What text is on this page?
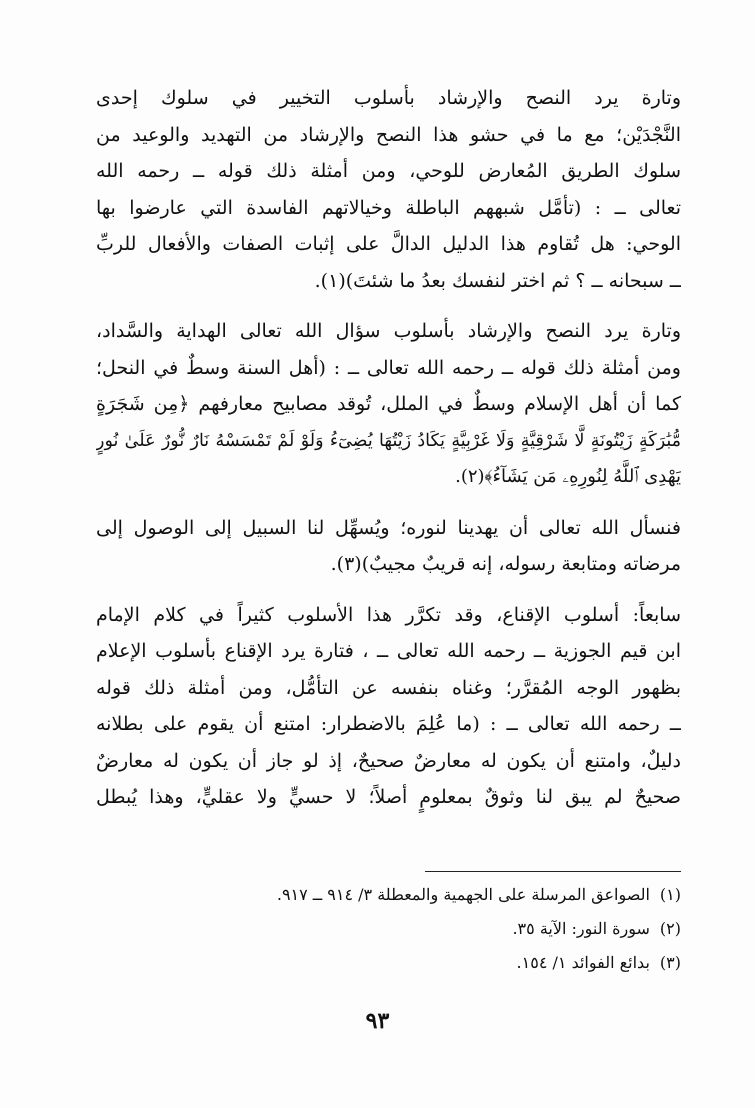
وتارة يرد النصح والإرشاد بأسلوب التخيير في سلوك إحدى
النَّجْدَيْن؛ مع ما في حشو هذا النصح والإرشاد من التهديد والوعيد من
سلوك الطريق المُعارض للوحي، ومن أمثلة ذلك قوله ــ رحمه الله
تعالى ــ : (تأمَّل شبههم الباطلة وخيالاتهم الفاسدة التي عارضوا بها
الوحي: هل تُقاوم هذا الدليل الدالَّ على إثبات الصفات والأفعال للربِّ
ــ سبحانه ــ ؟ ثم اختر لنفسك بعدُ ما شئتَ)(١).
وتارة يرد النصح والإرشاد بأسلوب سؤال الله تعالى الهداية والسَّداد،
ومن أمثلة ذلك قوله ــ رحمه الله تعالى ــ : (أهل السنة وسطٌ في النحل؛
كما أن أهل الإسلام وسطٌ في الملل، تُوقد مصابيح معارفهم ﴿مِن شَجَرَةٍ
مُّبَٰرَكَةٍ زَيْتُونَةٍ لَّا شَرْقِيَّةٍ وَلَا غَرْبِيَّةٍ يَكَادُ زَيْتُهَا يُضِىٓءُ وَلَوْ لَمْ تَمْسَسْهُ نَارٌ نُّورٌ عَلَىٰ نُورٍ
يَهْدِى ٱللَّهُ لِنُورِهِۦ مَن يَشَآءُ﴾(٢).
فنسأل الله تعالى أن يهدينا لنوره؛ ويُسهِّل لنا السبيل إلى الوصول إلى
مرضاته ومتابعة رسوله، إنه قريبٌ مجيبٌ)(٣).
سابعاً: أسلوب الإقناع، وقد تكرَّر هذا الأسلوب كثيراً في كلام الإمام
ابن قيم الجوزية ــ رحمه الله تعالى ــ ، فتارة يرد الإقناع بأسلوب الإعلام
بظهور الوجه المُقرَّر؛ وغناه بنفسه عن التأمُّل، ومن أمثلة ذلك قوله
ــ رحمه الله تعالى ــ : (ما عُلِمَ بالاضطرار: امتنع أن يقوم على بطلانه
دليلٌ، وامتنع أن يكون له معارضٌ صحيحٌ، إذ لو جاز أن يكون له معارضٌ
صحيحٌ لم يبق لنا وثوقٌ بمعلومٍ أصلاً؛ لا حسيٍّ ولا عقليٍّ، وهذا يُبطل
(١)الصواعق المرسلة على الجهمية والمعطلة ٣/ ٩١٤ ــ ٩١٧.
(٢)سورة النور: الآية ٣٥.
(٣)بدائع الفوائد ١/ ١٥٤.
٩٣
